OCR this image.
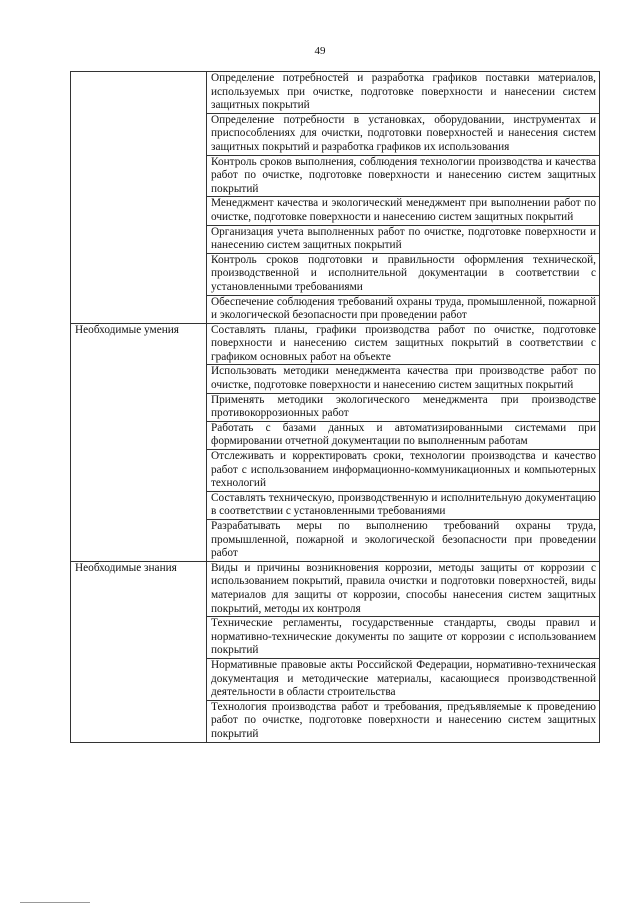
49
	Определение потребностей и разработка графиков поставки материалов, используемых при очистке, подготовке поверхности и нанесении систем защитных покрытий
	Определение потребности в установках, оборудовании, инструментах и приспособлениях для очистки, подготовки поверхностей и нанесения систем защитных покрытий и разработка графиков их использования
	Контроль сроков выполнения, соблюдения технологии производства и качества работ по очистке, подготовке поверхности и нанесению систем защитных покрытий
	Менеджмент качества и экологический менеджмент при выполнении работ по очистке, подготовке поверхности и нанесению систем защитных покрытий
	Организация учета выполненных работ по очистке, подготовке поверхности и нанесению систем защитных покрытий
	Контроль сроков подготовки и правильности оформления технической, производственной и исполнительной документации в соответствии с установленными требованиями
	Обеспечение соблюдения требований охраны труда, промышленной, пожарной и экологической безопасности при проведении работ
Необходимые умения	Составлять планы, графики производства работ по очистке, подготовке поверхности и нанесению систем защитных покрытий в соответствии с графиком основных работ на объекте
	Использовать методики менеджмента качества при производстве работ по очистке, подготовке поверхности и нанесению систем защитных покрытий
	Применять методики экологического менеджмента при производстве противокоррозионных работ
	Работать с базами данных и автоматизированными системами при формировании отчетной документации по выполненным работам
	Отслеживать и корректировать сроки, технологии производства и качество работ с использованием информационно-коммуникационных и компьютерных технологий
	Составлять техническую, производственную и исполнительную документацию в соответствии с установленными требованиями
	Разрабатывать меры по выполнению требований охраны труда, промышленной, пожарной и экологической безопасности при проведении работ
Необходимые знания	Виды и причины возникновения коррозии, методы защиты от коррозии с использованием покрытий, правила очистки и подготовки поверхностей, виды материалов для защиты от коррозии, способы нанесения систем защитных покрытий, методы их контроля
	Технические регламенты, государственные стандарты, своды правил и нормативно-технические документы по защите от коррозии с использованием покрытий
	Нормативные правовые акты Российской Федерации, нормативно-техническая документация и методические материалы, касающиеся производственной деятельности в области строительства
	Технология производства работ и требования, предъявляемые к проведению работ по очистке, подготовке поверхности и нанесению систем защитных покрытий
